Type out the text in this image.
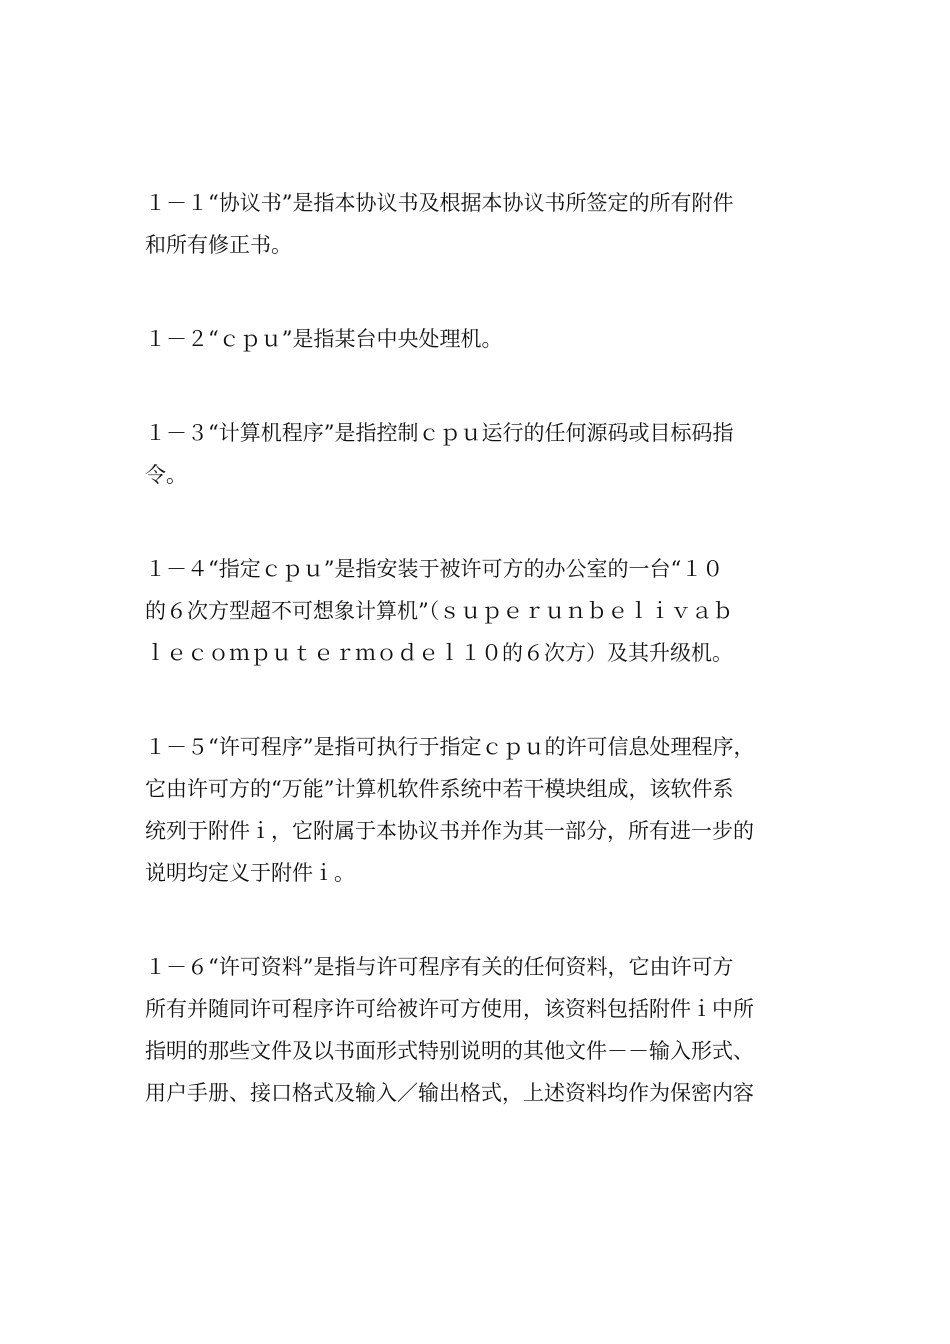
１－１“协议书”是指本协议书及根据本协议书所签定的所有附件
和所有修正书。
１－２“ｃｐｕ”是指某台中央处理机。
１－３“计算机程序”是指控制ｃｐｕ运行的任何源码或目标码指
令。
１－４“指定ｃｐｕ”是指安装于被许可方的办公室的一台“１０
的６次方型超不可想象计算机”（ｓｕｐｅｒｕｎｂｅｌｉｖａｂ
ｌｅｃｏｍｐｕｔｅｒｍｏｄｅｌ１０的６次方）及其升级机。
１－５“许可程序”是指可执行于指定ｃｐｕ的许可信息处理程序，
它由许可方的“万能”计算机软件系统中若干模块组成，该软件系
统列于附件ｉ，它附属于本协议书并作为其一部分，所有进一步的
说明均定义于附件ｉ。
１－６“许可资料”是指与许可程序有关的任何资料，它由许可方
所有并随同许可程序许可给被许可方使用，该资料包括附件ｉ中所
指明的那些文件及以书面形式特别说明的其他文件－－输入形式、
用户手册、接口格式及输入／输出格式，上述资料均作为保密内容
